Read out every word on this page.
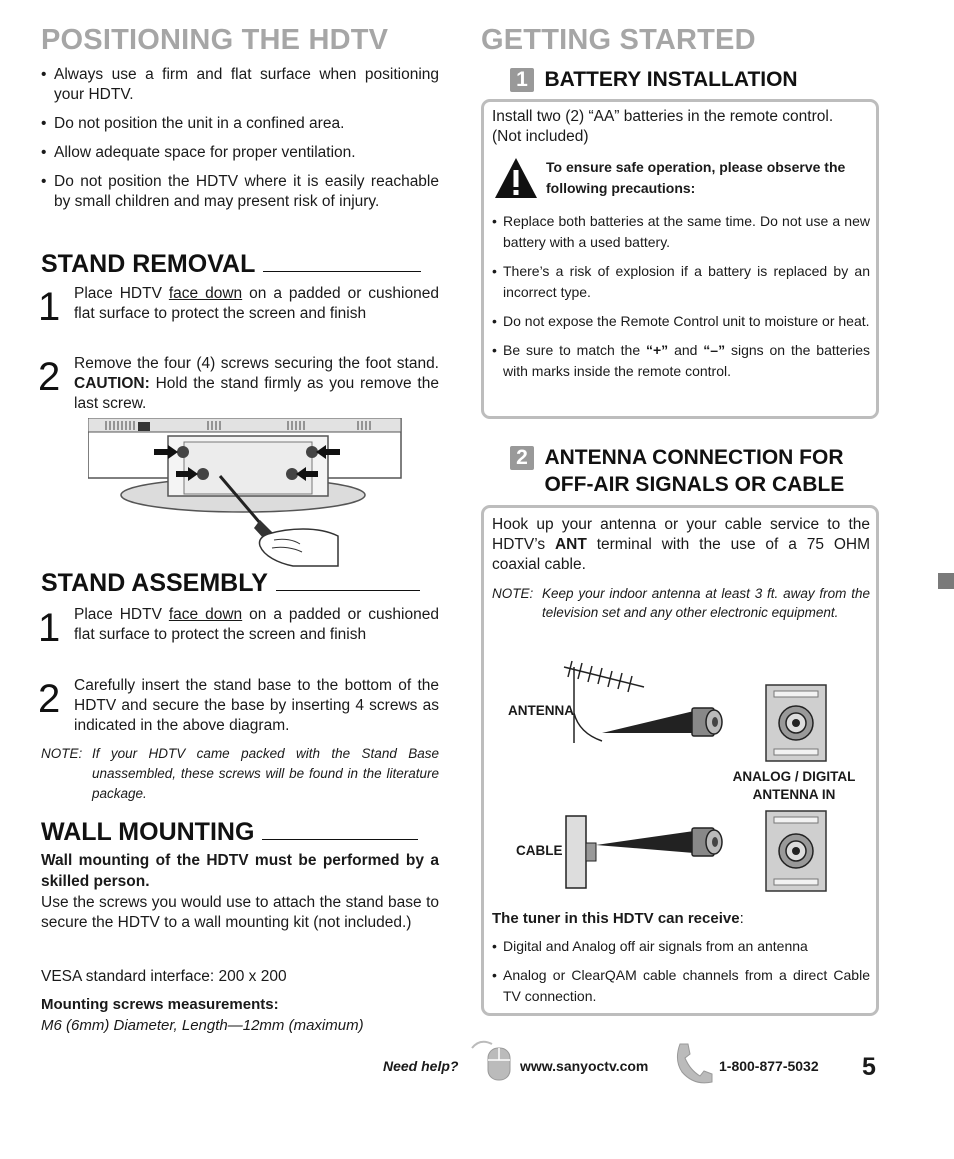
POSITIONING THE HDTV
• Always use a firm and flat surface when positioning your HDTV.
• Do not position the unit in a confined area.
• Allow adequate space for proper ventilation.
• Do not position the HDTV where it is easily reachable by small children and may present risk of injury.
STAND REMOVAL
1 Place HDTV face down on a padded or cushioned flat surface to protect the screen and finish
2 Remove the four (4) screws securing the foot stand. CAUTION: Hold the stand firmly as you remove the last screw.
STAND ASSEMBLY
1 Place HDTV face down on a padded or cushioned flat surface to protect the screen and finish
2 Carefully insert the stand base to the bottom of the HDTV and secure the base by inserting 4 screws as indicated in the above diagram.
NOTE: If your HDTV came packed with the Stand Base unassembled, these screws will be found in the literature package.
WALL MOUNTING
Wall mounting of the HDTV must be performed by a skilled person.
Use the screws you would use to attach the stand base to secure the HDTV to a wall mounting kit (not included.)
VESA standard interface: 200 x 200
Mounting screws measurements:
M6 (6mm) Diameter, Length—12mm (maximum)
GETTING STARTED
1 BATTERY INSTALLATION
Install two (2) “AA” batteries in the remote control. (Not included)
To ensure safe operation, please observe the following precautions:
• Replace both batteries at the same time. Do not use a new battery with a used battery.
• There’s a risk of explosion if a battery is replaced by an incorrect type.
• Do not expose the Remote Control unit to moisture or heat.
• Be sure to match the “+” and “–” signs on the batteries with marks inside the remote control.
2 ANTENNA CONNECTION FOR
OFF-AIR SIGNALS OR CABLE
Hook up your antenna or your cable service to the HDTV’s ANT terminal with the use of a 75 OHM coaxial cable.
NOTE: Keep your indoor antenna at least 3 ft. away from the television set and any other electronic equipment.
ANTENNA
CABLE
ANALOG / DIGITAL
ANTENNA IN
The tuner in this HDTV can receive:
• Digital and Analog off air signals from an antenna
• Analog or ClearQAM cable channels from a direct Cable TV connection.
Need help?	www.sanyoctv.com	1-800-877-5032 5
